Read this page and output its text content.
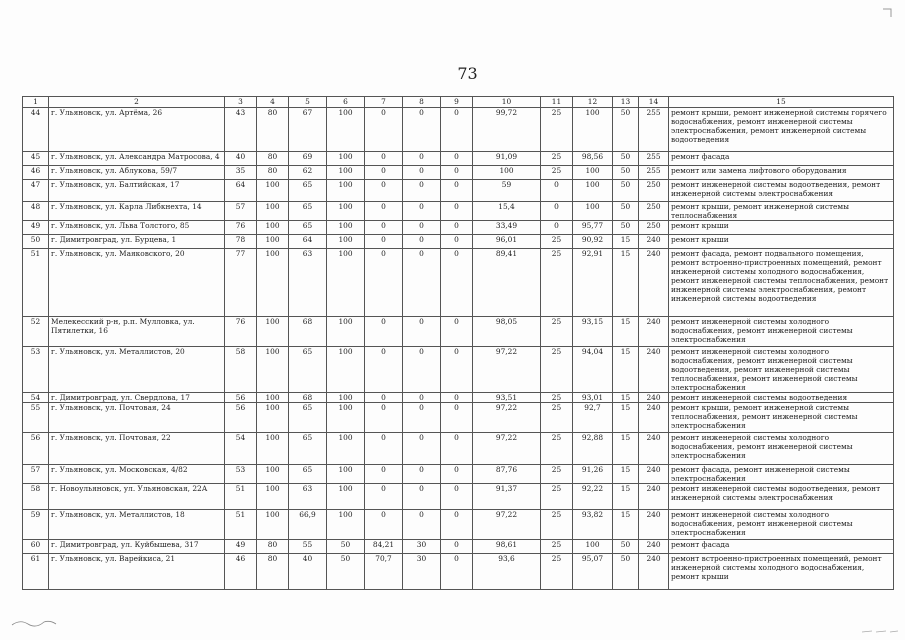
73
1	2	3	4	5	6	7	8	9	10	11	12	13	14	15
44	г. Ульяновск, ул. Артёма, 26	43	80	67	100	0	0	0	99,72	25	100	50	255	ремонт крыши, ремонт инженерной системы горячего водоснабжения, ремонт инженерной системы электроснабжения, ремонт инженерной системы водоотведения
45	г. Ульяновск, ул. Александра Матросова, 4	40	80	69	100	0	0	0	91,09	25	98,56	50	255	ремонт фасада
46	г. Ульяновск, ул. Аблукова, 59/7	35	80	62	100	0	0	0	100	25	100	50	255	ремонт или замена лифтового оборудования
47	г. Ульяновск, ул. Балтийская, 17	64	100	65	100	0	0	0	59	0	100	50	250	ремонт инженерной системы водоотведения, ремонт инженерной системы электроснабжения
48	г. Ульяновск, ул. Карла Либкнехта, 14	57	100	65	100	0	0	0	15,4	0	100	50	250	ремонт крыши, ремонт инженерной системы теплоснабжения
49	г. Ульяновск, ул. Льва Толстого, 85	76	100	65	100	0	0	0	33,49	0	95,77	50	250	ремонт крыши
50	г. Димитровград, ул. Бурцева, 1	78	100	64	100	0	0	0	96,01	25	90,92	15	240	ремонт крыши
51	г. Ульяновск, ул. Маяковского, 20	77	100	63	100	0	0	0	89,41	25	92,91	15	240	ремонт фасада, ремонт подвального помещения, ремонт встроенно-пристроенных помещений, ремонт инженерной системы холодного водоснабжения, ремонт инженерной системы теплоснабжения, ремонт инженерной системы электроснабжения, ремонт инженерной системы водоотведения
52	Мелекесский р-н, р.п. Мулловка, ул. Пятилетки, 16	76	100	68	100	0	0	0	98,05	25	93,15	15	240	ремонт инженерной системы холодного водоснабжения, ремонт инженерной системы электроснабжения
53	г. Ульяновск, ул. Металлистов, 20	58	100	65	100	0	0	0	97,22	25	94,04	15	240	ремонт инженерной системы холодного водоснабжения, ремонт инженерной системы водоотведения, ремонт инженерной системы теплоснабжения, ремонт инженерной системы электроснабжения
54	г. Димитровград, ул. Свердлова, 17	56	100	68	100	0	0	0	93,51	25	93,01	15	240	ремонт инженерной системы водоотведения
55	г. Ульяновск, ул. Почтовая, 24	56	100	65	100	0	0	0	97,22	25	92,7	15	240	ремонт крыши, ремонт инженерной системы теплоснабжения, ремонт инженерной системы электроснабжения
56	г. Ульяновск, ул. Почтовая, 22	54	100	65	100	0	0	0	97,22	25	92,88	15	240	ремонт инженерной системы холодного водоснабжения, ремонт инженерной системы электроснабжения
57	г. Ульяновск, ул. Московская, 4/82	53	100	65	100	0	0	0	87,76	25	91,26	15	240	ремонт фасада, ремонт инженерной системы электроснабжения
58	г. Новоульяновск, ул. Ульяновская, 22А	51	100	63	100	0	0	0	91,37	25	92,22	15	240	ремонт инженерной системы водоотведения, ремонт инженерной системы электроснабжения
59	г. Ульяновск, ул. Металлистов, 18	51	100	66,9	100	0	0	0	97,22	25	93,82	15	240	ремонт инженерной системы холодного водоснабжения, ремонт инженерной системы электроснабжения
60	г. Димитровград, ул. Куйбышева, 317	49	80	55	50	84,21	30	0	98,61	25	100	50	240	ремонт фасада
61	г. Ульяновск, ул. Варейкиса, 21	46	80	40	50	70,7	30	0	93,6	25	95,07	50	240	ремонт встроенно-пристроенных помещений, ремонт инженерной системы холодного водоснабжения, ремонт крыши
